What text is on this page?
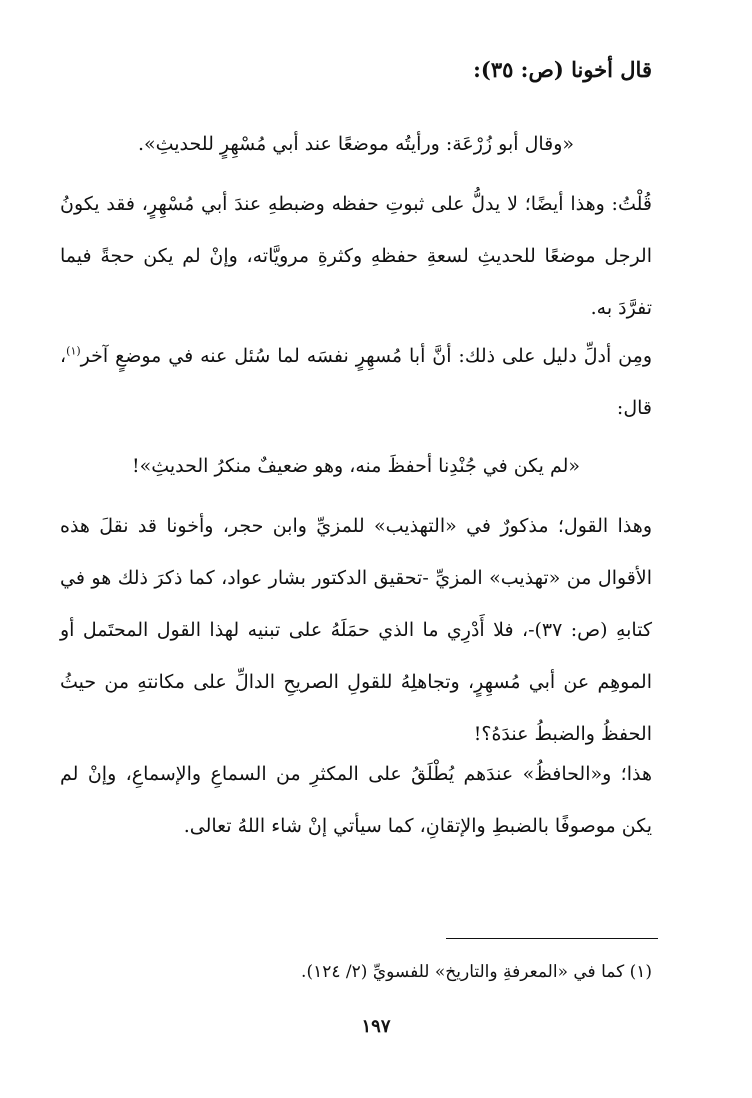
قال أخونا (ص: ٣٥):

«وقال أبو زُرْعَة: ورأيتُه موضعًا عند أبي مُسْهِرٍ للحديثِ».

قُلْتُ: وهذا أيضًا؛ لا يدلُّ على ثبوتِ حفظه وضبطهِ عندَ أبي مُسْهِرٍ، فقد يكونُ الرجل موضعًا للحديثِ لسعةِ حفظهِ وكثرةِ مرويَّاته، وإنْ لم يكن حجةً فيما تفرَّدَ به.

ومِن أدلِّ دليل على ذلك: أنَّ أبا مُسهِرٍ نفسَه لما سُئل عنه في موضعٍ آخر$^{(١)}$، قال:

«لم يكن في جُنْدِنا أحفظَ منه، وهو ضعيفٌ منكرُ الحديثِ»!

وهذا القول؛ مذكورٌ في «التهذيب» للمزيِّ وابن حجر، وأخونا قد نقلَ هذه الأقوال من «تهذيب» المزيِّ -تحقيق الدكتور بشار عواد، كما ذكرَ ذلك هو في كتابهِ (ص: ٣٧)-، فلا أَدْرِي ما الذي حمَلَهُ على تبنيه لهذا القول المحتَمل أو الموهِم عن أبي مُسهِرٍ، وتجاهلِهُ للقولِ الصريحِ الدالِّ على مكانتهِ من حيثُ الحفظُ والضبطُ عندَهُ؟!

هذا؛ و«الحافظُ» عندَهم يُطْلَقُ على المكثرِ من السماعِ والإسماعِ، وإنْ لم يكن موصوفًا بالضبطِ والإتقانِ، كما سيأتي إنْ شاء اللهُ تعالى.

(١) كما في «المعرفةِ والتاريخ» للفسويِّ (٢/ ١٢٤).

١٩٧
